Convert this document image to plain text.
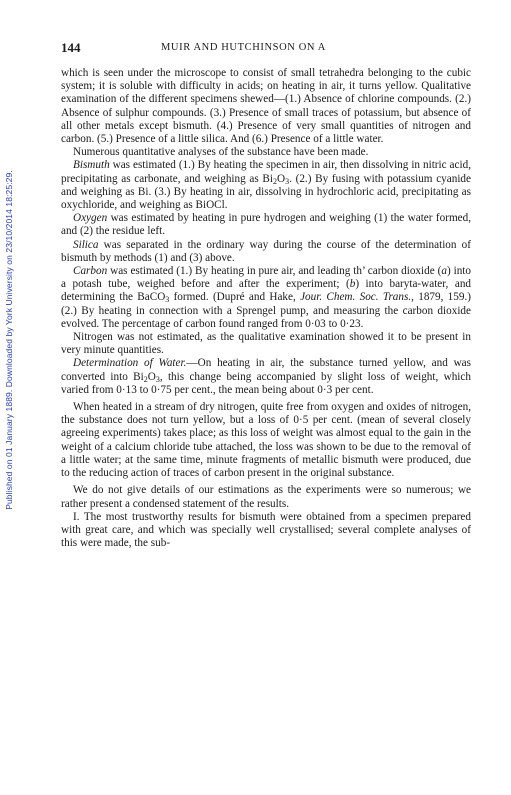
Published on 01 January 1889. Downloaded by York University on 23/10/2014 18:25:29.
144	MUIR AND HUTCHINSON ON A

which is seen under the microscope to consist of small tetrahedra belonging to the cubic system; it is soluble with difficulty in acids; on heating in air, it turns yellow. Qualitative examination of the different specimens shewed—(1.) Absence of chlorine compounds. (2.) Absence of sulphur compounds. (3.) Presence of small traces of potassium, but absence of all other metals except bismuth. (4.) Presence of very small quantities of nitrogen and carbon. (5.) Presence of a little silica. And (6.) Presence of a little water.

Numerous quantitative analyses of the substance have been made.

Bismuth was estimated (1.) By heating the specimen in air, then dissolving in nitric acid, precipitating as carbonate, and weighing as $Bi_2O_3$. (2.) By fusing with potassium cyanide and weighing as Bi. (3.) By heating in air, dissolving in hydrochloric acid, precipitating as oxychloride, and weighing as BiOCl.

Oxygen was estimated by heating in pure hydrogen and weighing (1) the water formed, and (2) the residue left.

Silica was separated in the ordinary way during the course of the determination of bismuth by methods (1) and (3) above.

Carbon was estimated (1.) By heating in pure air, and leading th’ carbon dioxide (a) into a potash tube, weighed before and after the experiment; (b) into baryta-water, and determining the BaCO$_3$ formed. (Dupré and Hake, Jour. Chem. Soc. Trans., 1879, 159.) (2.) By heating in connection with a Sprengel pump, and measuring the carbon dioxide evolved. The percentage of carbon found ranged from 0·03 to 0·23.

Nitrogen was not estimated, as the qualitative examination showed it to be present in very minute quantities.

Determination of Water.—On heating in air, the substance turned yellow, and was converted into $Bi_2O_3$, this change being accompanied by slight loss of weight, which varied from 0·13 to 0·75 per cent., the mean being about 0·3 per cent.

When heated in a stream of dry nitrogen, quite free from oxygen and oxides of nitrogen, the substance does not turn yellow, but a loss of 0·5 per cent. (mean of several closely agreeing experiments) takes place; as this loss of weight was almost equal to the gain in the weight of a calcium chloride tube attached, the loss was shown to be due to the removal of a little water; at the same time, minute fragments of metallic bismuth were produced, due to the reducing action of traces of carbon present in the original substance.

We do not give details of our estimations as the experiments were so numerous; we rather present a condensed statement of the results.

I. The most trustworthy results for bismuth were obtained from a specimen prepared with great care, and which was specially well crystallised; several complete analyses of this were made, the sub-
